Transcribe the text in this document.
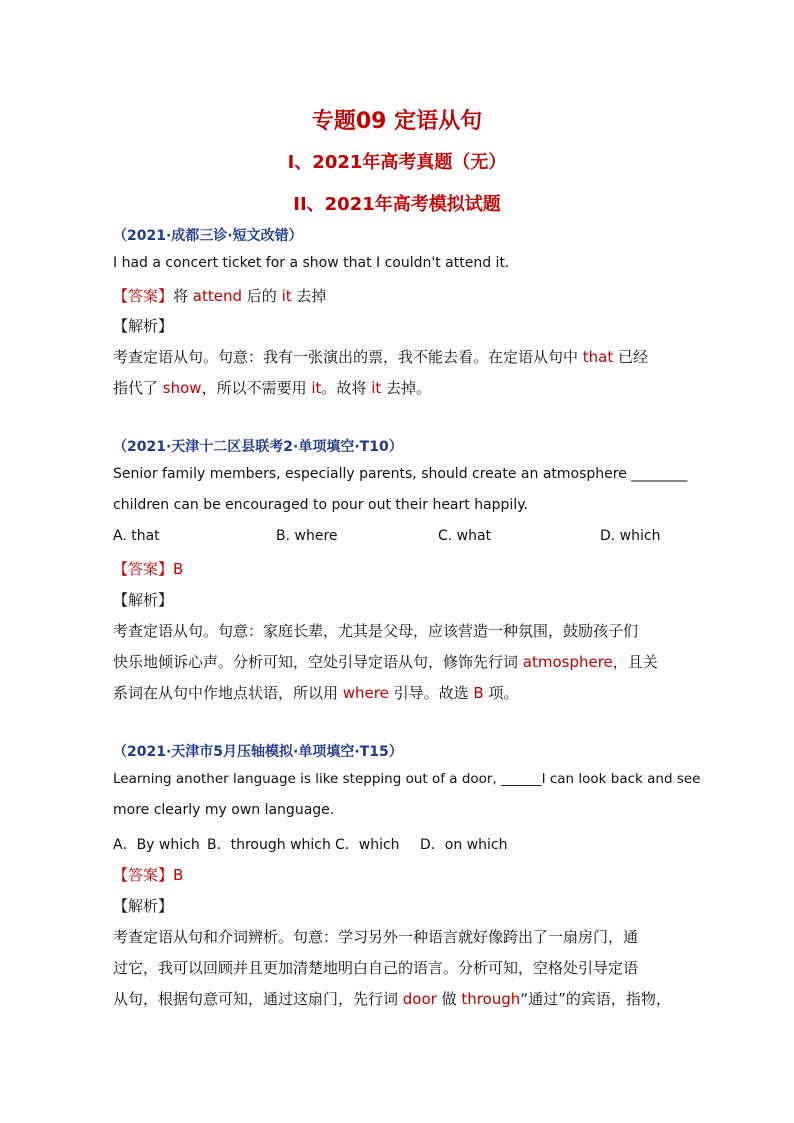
专题09 定语从句
I、2021年高考真题（无）
II、2021年高考模拟试题
（2021·成都三诊·短文改错）
I had a concert ticket for a show that I couldn't attend it.
【答案】将 attend 后的 it 去掉
【解析】
考查定语从句。句意：我有一张演出的票，我不能去看。在定语从句中 that 已经
指代了 show，所以不需要用 it。故将 it 去掉。
（2021·天津十二区县联考2·单项填空·T10）
Senior family members, especially parents, should create an atmosphere ________
children can be encouraged to pour out their heart happily.
A. that	B. where	C. what	D. which
【答案】B
【解析】
考查定语从句。句意：家庭长辈，尤其是父母，应该营造一种氛围，鼓励孩子们
快乐地倾诉心声。分析可知，空处引导定语从句，修饰先行词 atmosphere，且关
系词在从句中作地点状语，所以用 where 引导。故选 B 项。
（2021·天津市5月压轴模拟·单项填空·T15）
Learning another language is like stepping out of a door, ______I can look back and see
more clearly my own language.
A．By which B．through which C．which D．on which
【答案】B
【解析】
考查定语从句和介词辨析。句意：学习另外一种语言就好像跨出了一扇房门，通
过它，我可以回顾并且更加清楚地明白自己的语言。分析可知，空格处引导定语
从句，根据句意可知，通过这扇门，先行词 door 做 through“通过”的宾语，指物，
